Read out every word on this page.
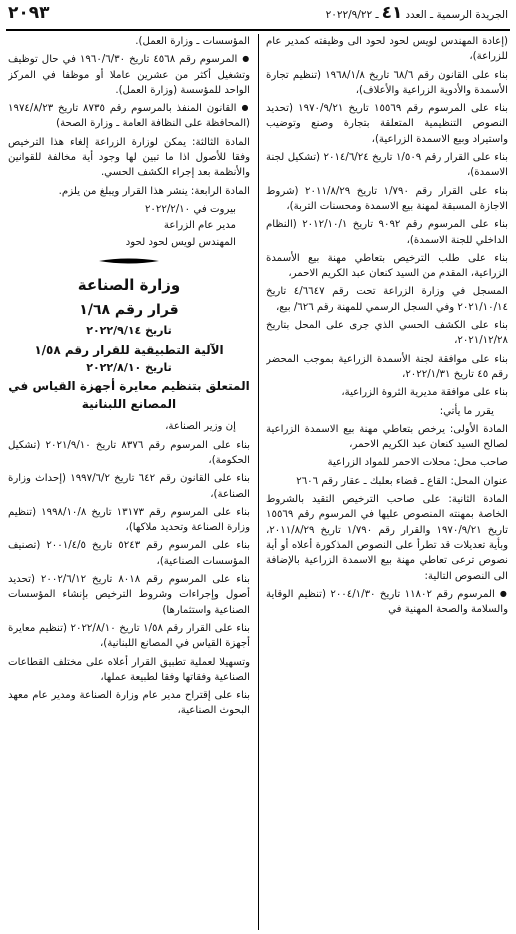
الجريدة الرسمية ـ العدد٤١ـ ٢٠٢٢/٩/٢٢
٢٠٩٣

(إعادة المهندس لويس لحود لحود الى وظيفته كمدير عام للزراعة)،

بناء على القانون رقم ٦٨/٦ تاريخ ١٩٦٨/١/٨ (تنظيم تجارة الأسمدة والأدوية الزراعية والأعلاف)،

بناء على المرسوم رقم ١٥٥٦٩ تاريخ ١٩٧٠/٩/٢١ (تحديد النصوص التنظيمية المتعلقة بتجارة وصنع وتوضيب واستيراد وبيع الاسمدة الزراعية)،

بناء على القرار رقم ١/٥٠٩ تاريخ ٢٠١٤/٦/٢٤ (تشكيل لجنة الاسمدة)،

بناء على القرار رقم ١/٧٩٠ تاريخ ٢٠١١/٨/٢٩ (شروط الاجازة المسبقة لمهنة بيع الاسمدة ومحسنات التربة)،

بناء على المرسوم رقم ٩٠٩٢ تاريخ ٢٠١٢/١٠/١ (النظام الداخلي للجنة الاسمدة)،

بناء على طلب الترخيص بتعاطي مهنة بيع الأسمدة الزراعية، المقدم من السيد كنعان عبد الكريم الاحمر،

المسجل في وزارة الزراعة تحت رقم ٤/٦٦٤٧ تاريخ ٢٠٢١/١٠/١٤ وفي السجل الرسمي للمهنة رقم ٦٢٦/ بيع،

بناء على الكشف الحسي الذي جرى على المحل بتاريخ ٢٠٢١/١٢/٢٨،

بناء على موافقة لجنة الأسمدة الزراعية بموجب المحضر رقم ٤٥ تاريخ ٢٠٢٢/١/٣١،

بناء على موافقة مديرية الثروة الزراعية،

يقرر ما يأتي:

المادة الأولى: يرخص بتعاطي مهنة بيع الاسمدة الزراعية لصالح السيد كنعان عبد الكريم الاحمر،

صاحب محل: محلات الاحمر للمواد الزراعية

عنوان المحل: القاع ـ قضاء بعلبك ـ عقار رقم ٢٦٠٦

المادة الثانية: على صاحب الترخيص التقيد بالشروط الخاصة بمهنته المنصوص عليها في المرسوم رقم ١٥٥٦٩ تاريخ ١٩٧٠/٩/٢١ والقرار رقم ١/٧٩٠ تاريخ ٢٠١١/٨/٢٩، وبأية تعديلات قد تطرأ على النصوص المذكورة أعلاه أو أية نصوص ترعى تعاطي مهنة بيع الاسمدة الزراعية بالإضافة الى النصوص التالية:

● المرسوم رقم ١١٨٠٢ تاريخ ٢٠٠٤/١/٣٠ (تنظيم الوقاية والسلامة والصحة المهنية في

المؤسسات ـ وزارة العمل).

● المرسوم رقم ٤٥٦٨ تاريخ ١٩٦٠/٦/٣٠ في حال توظيف وتشغيل أكثر من عشرين عاملا أو موظفا في المركز الواحد للمؤسسة (وزارة العمل).

● القانون المنفذ بالمرسوم رقم ٨٧٣٥ تاريخ ١٩٧٤/٨/٢٣ (المحافظة على النظافة العامة ـ وزارة الصحة)

المادة الثالثة: يمكن لوزارة الزراعة إلغاء هذا الترخيص وفقا للأصول اذا ما تبين لها وجود أية مخالفة للقوانين والأنظمة بعد إجراء الكشف الحسي.

المادة الرابعة: ينشر هذا القرار ويبلغ من يلزم.

بيروت في ٢٠٢٢/٢/١٠

مدير عام الزراعة

المهندس لويس لحود لحود

وزارة الصناعة
قرار رقم ١/٦٨
تاريخ ٢٠٢٢/٩/١٤
الآلية التطبيقية للقرار رقم ١/٥٨
تاريخ ٢٠٢٢/٨/١٠
المتعلق بتنظيم معايرة أجهزة القياس في المصانع اللبنانية

إن وزير الصناعة،

بناء على المرسوم رقم ٨٣٧٦ تاريخ ٢٠٢١/٩/١٠ (تشكيل الحكومة)،

بناء على القانون رقم ٦٤٢ تاريخ ١٩٩٧/٦/٢ (إحداث وزارة الصناعة)،

بناء على المرسوم رقم ١٣١٧٣ تاريخ ١٩٩٨/١٠/٨ (تنظيم وزارة الصناعة وتحديد ملاكها)،

بناء على المرسوم رقم ٥٢٤٣ تاريخ ٢٠٠١/٤/٥ (تصنيف المؤسسات الصناعية)،

بناء على المرسوم رقم ٨٠١٨ تاريخ ٢٠٠٢/٦/١٢ (تحديد أصول وإجراءات وشروط الترخيص بإنشاء المؤسسات الصناعية واستثمارها)

بناء على القرار رقم ١/٥٨ تاريخ ٢٠٢٢/٨/١٠ (تنظيم معايرة أجهزة القياس في المصانع اللبنانية)،

وتسهيلا لعملية تطبيق القرار أعلاه على مختلف القطاعات الصناعية وفقاتها وفقا لطبيعة عملها،

بناء على إقتراح مدير عام وزارة الصناعة ومدير عام معهد البحوث الصناعية،
